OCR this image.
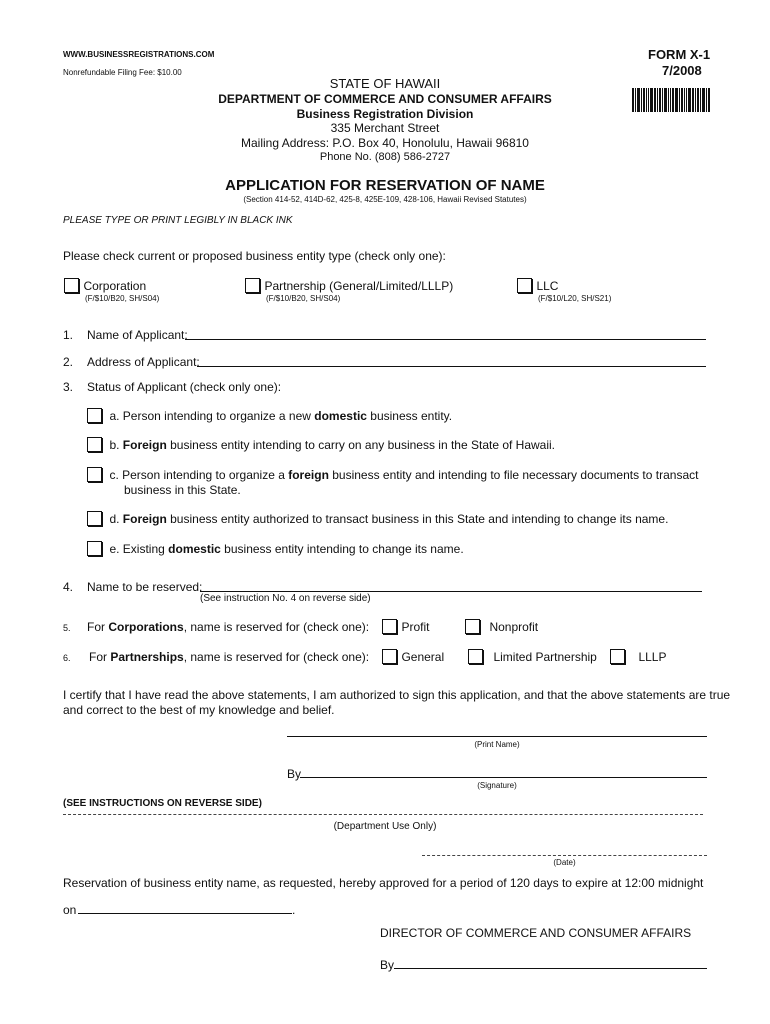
WWW.BUSINESSREGISTRATIONS.COM
Nonrefundable Filing Fee: $10.00
FORM X-1
7/2008
STATE OF HAWAII
DEPARTMENT OF COMMERCE AND CONSUMER AFFAIRS
Business Registration Division
335 Merchant Street
Mailing Address: P.O. Box 40, Honolulu, Hawaii 96810
Phone No. (808) 586-2727
APPLICATION FOR RESERVATION OF NAME
(Section 414-52, 414D-62, 425-8, 425E-109, 428-106, Hawaii Revised Statutes)
PLEASE TYPE OR PRINT LEGIBLY IN BLACK INK
Please check current or proposed business entity type (check only one):
Corporation
(F/$10/B20, SH/S04)
Partnership (General/Limited/LLLP)
(F/$10/B20, SH/S04)
LLC
(F/$10/L20, SH/S21)
1. Name of Applicant:
2. Address of Applicant:
3. Status of Applicant (check only one):
a. Person intending to organize a new domestic business entity.
b. Foreign business entity intending to carry on any business in the State of Hawaii.
c. Person intending to organize a foreign business entity and intending to file necessary documents to transact
business in this State.
d. Foreign business entity authorized to transact business in this State and intending to change its name.
e. Existing domestic business entity intending to change its name.
4. Name to be reserved:
(See instruction No. 4 on reverse side)
5. For Corporations, name is reserved for (check one):	Profit	Nonprofit
6. For Partnerships, name is reserved for (check one):	General	Limited Partnership	LLLP
I certify that I have read the above statements, I am authorized to sign this application, and that the above statements are true
and correct to the best of my knowledge and belief.
(Print Name)
By
(Signature)
(SEE INSTRUCTIONS ON REVERSE SIDE)
(Department Use Only)
(Date)
Reservation of business entity name, as requested, hereby approved for a period of 120 days to expire at 12:00 midnight
on	.
DIRECTOR OF COMMERCE AND CONSUMER AFFAIRS
By
